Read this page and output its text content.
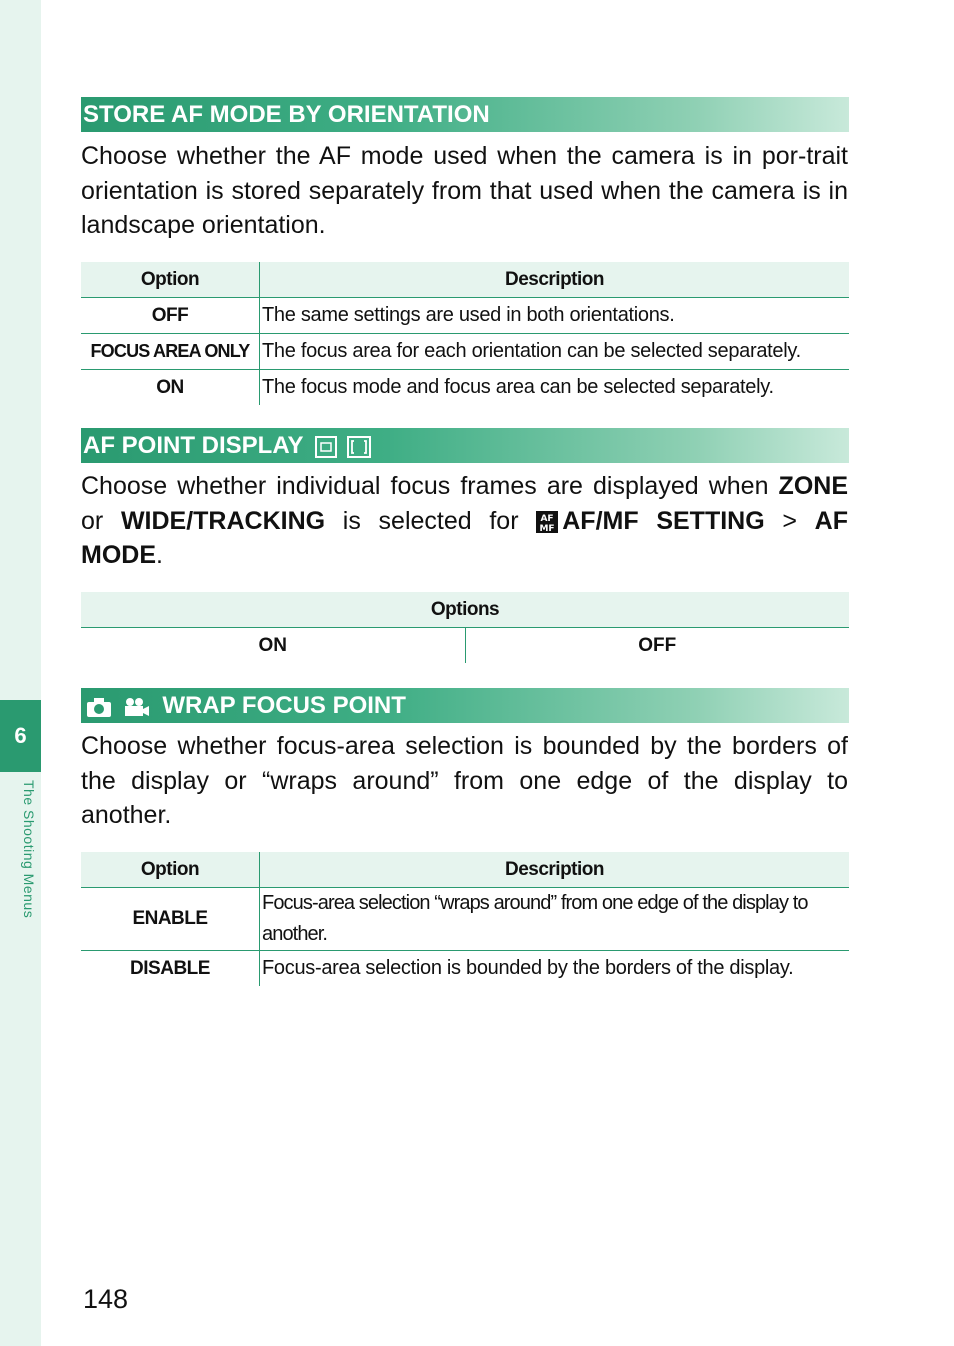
6
The Shooting Menus
STORE AF MODE BY ORIENTATION

Choose whether the AF mode used when the camera is in por-trait orientation is stored separately from that used when the camera is in landscape orientation.

Option	Description
OFF	The same settings are used in both orientations.
FOCUS AREA ONLY	The focus area for each orientation can be selected separately.
ON	The focus mode and focus area can be selected separately.
AF POINT DISPLAY

Choose whether individual focus frames are displayed when ZONE or WIDE/TRACKING is selected for AF
MF AF/MF SETTING > AF MODE.

Options
ON	OFF
WRAP FOCUS POINT

Choose whether focus-area selection is bounded by the borders of the display or “wraps around” from one edge of the display to another.

Option	Description
ENABLE	Focus-area selection “wraps around” from one edge of the display to another.
DISABLE	Focus-area selection is bounded by the borders of the display.
148
